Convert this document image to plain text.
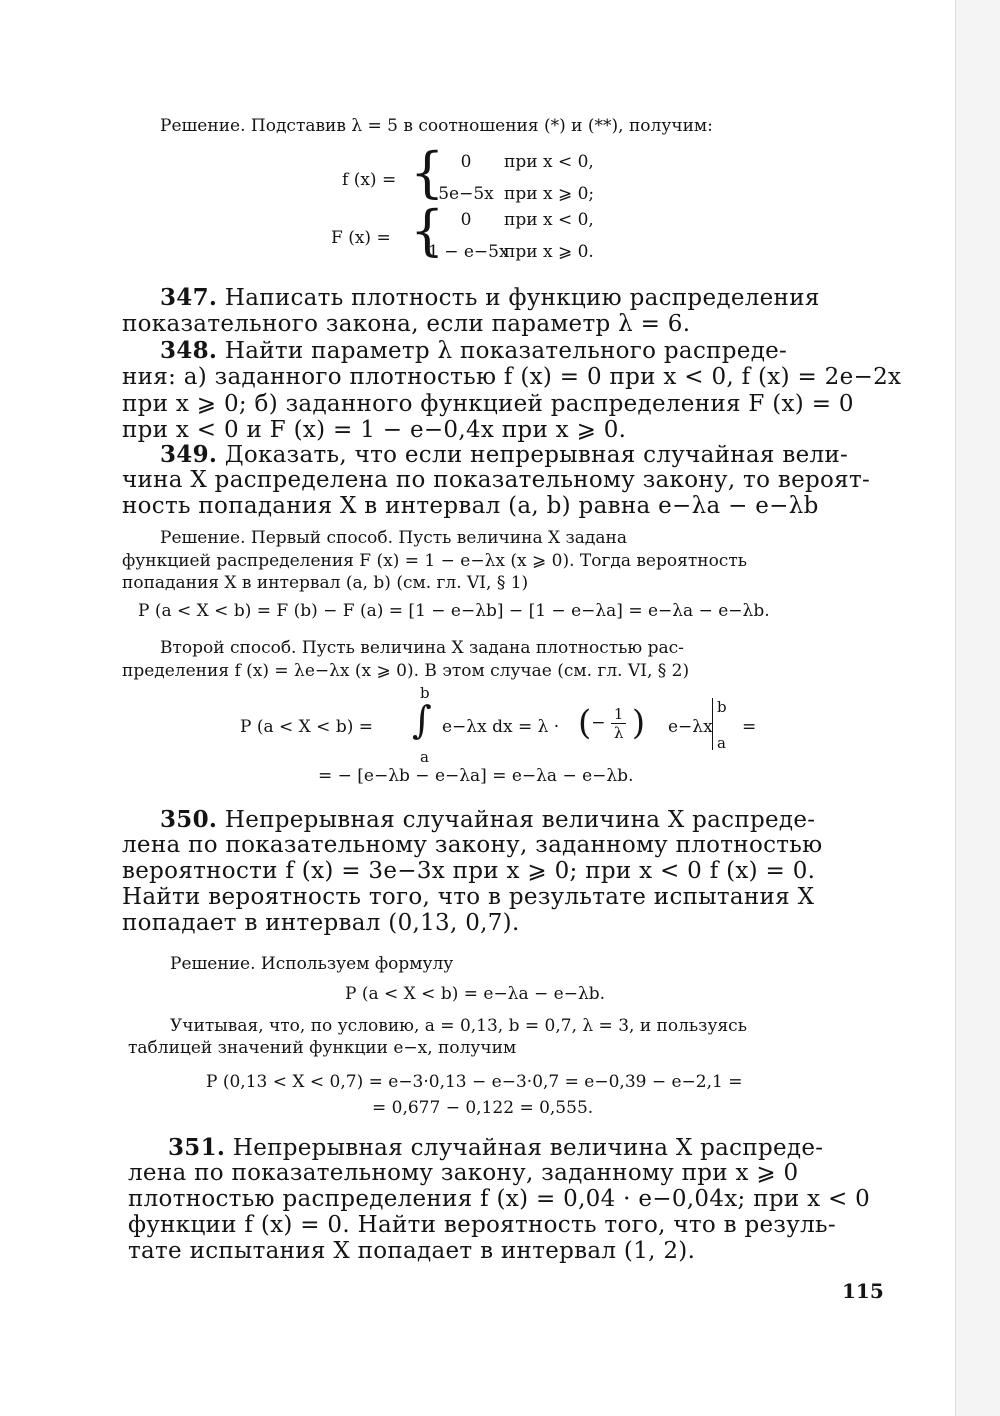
Решение. Подставив λ = 5 в соотношения (*) и (**), получим:
f (x) = { 0 при x < 0,
5e−5x при x ⩾ 0;
F (x) = { 0 при x < 0,
1 − e−5xпри x ⩾ 0.
347. Написать плотность и функцию распределения
показательного закона, если параметр λ = 6.
348. Найти параметр λ показательного распреде-
ния: а) заданного плотностью f (x) = 0 при x < 0, f (x) = 2e−2x
при x ⩾ 0; б) заданного функцией распределения F (x) = 0
при x < 0 и F (x) = 1 − e−0,4x при x ⩾ 0.
349. Доказать, что если непрерывная случайная вели-
чина X распределена по показательному закону, то вероят-
ность попадания X в интервал (a, b) равна e−λa − e−λb
Решение. Первый способ. Пусть величина X задана
функцией распределения F (x) = 1 − e−λx (x ⩾ 0). Тогда вероятность
попадания X в интервал (a, b) (см. гл. VI, § 1)
P (a < X < b) = F (b) − F (a) = [1 − e−λb] − [1 − e−λa] = e−λa − e−λb.
Второй способ. Пусть величина X задана плотностью рас-
пределения f (x) = λe−λx (x ⩾ 0). В этом случае (см. гл. VI, § 2)
P (a < X < b) =
b
∫
a
e−λx dx = λ · (− $\frac{1}{\lambda}$ ) e−λx
b
a
=
= − [e−λb − e−λa] = e−λa − e−λb.
350. Непрерывная случайная величина X распреде-
лена по показательному закону, заданному плотностью
вероятности f (x) = 3e−3x при x ⩾ 0; при x < 0 f (x) = 0.
Найти вероятность того, что в результате испытания X
попадает в интервал (0,13, 0,7).
Решение. Используем формулу
P (a < X < b) = e−λa − e−λb.
Учитывая, что, по условию, a = 0,13, b = 0,7, λ = 3, и пользуясь
таблицей значений функции e−x, получим
P (0,13 < X < 0,7) = e−3·0,13 − e−3·0,7 = e−0,39 − e−2,1 =
= 0,677 − 0,122 = 0,555.
351. Непрерывная случайная величина X распреде-
лена по показательному закону, заданному при x ⩾ 0
плотностью распределения f (x) = 0,04 · e−0,04x; при x < 0
функции f (x) = 0. Найти вероятность того, что в резуль-
тате испытания X попадает в интервал (1, 2).
115
